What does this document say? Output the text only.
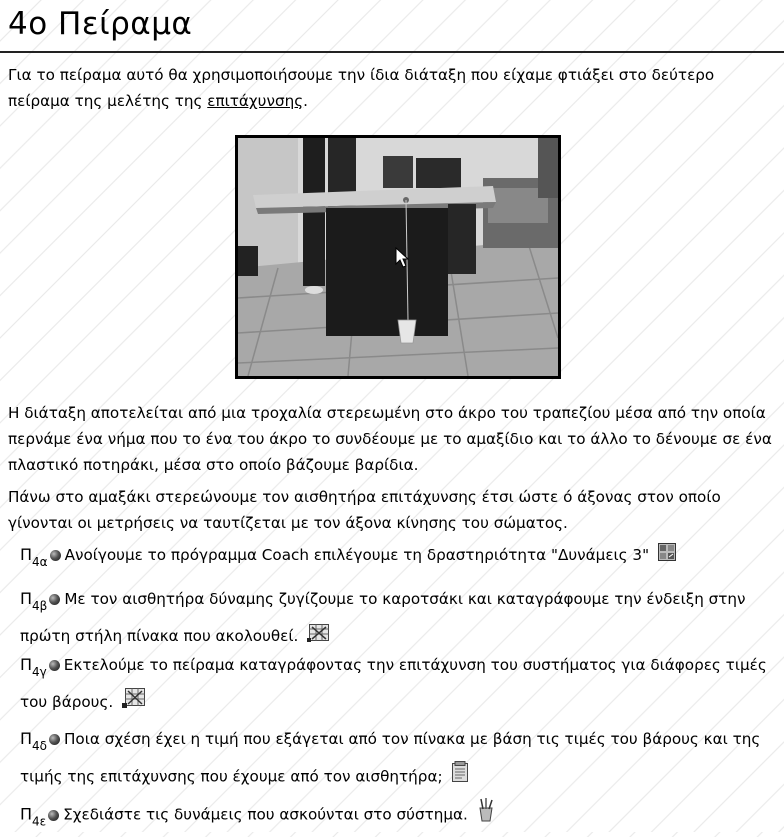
4ο Πείραμα

Για το πείραμα αυτό θα χρησιμοποιήσουμε την ίδια διάταξη που είχαμε φτιάξει στο δεύτερο πείραμα της μελέτης της επιτάχυνσης.

Η διάταξη αποτελείται από μια τροχαλία στερεωμένη στο άκρο του τραπεζίου μέσα από την οποία περνάμε ένα νήμα που το ένα του άκρο το συνδέουμε με το αμαξίδιο και το άλλο το δένουμε σε ένα πλαστικό ποτηράκι, μέσα στο οποίο βάζουμε βαρίδια.

Πάνω στο αμαξάκι στερεώνουμε τον αισθητήρα επιτάχυνσης έτσι ώστε ό άξονας στον οποίο γίνονται οι μετρήσεις να ταυτίζεται με τον άξονα κίνησης του σώματος.

$\Pi_{4\alpha}$ Ανοίγουμε το πρόγραμμα Coach επιλέγουμε τη δραστηριότητα "Δυνάμεις 3"

$\Pi_{4\beta}$ Με τον αισθητήρα δύναμης ζυγίζουμε το καροτσάκι και καταγράφουμε την ένδειξη στην πρώτη στήλη πίνακα που ακολουθεί.

$\Pi_{4\gamma}$ Εκτελούμε το πείραμα καταγράφοντας την επιτάχυνση του συστήματος για διάφορες τιμές του βάρους.

$\Pi_{4\delta}$ Ποια σχέση έχει η τιμή που εξάγεται από τον πίνακα με βάση τις τιμές του βάρους και της τιμής της επιτάχυνσης που έχουμε από τον αισθητήρα;

$\Pi_{4\varepsilon}$ Σχεδιάστε τις δυνάμεις που ασκούνται στο σύστημα.
